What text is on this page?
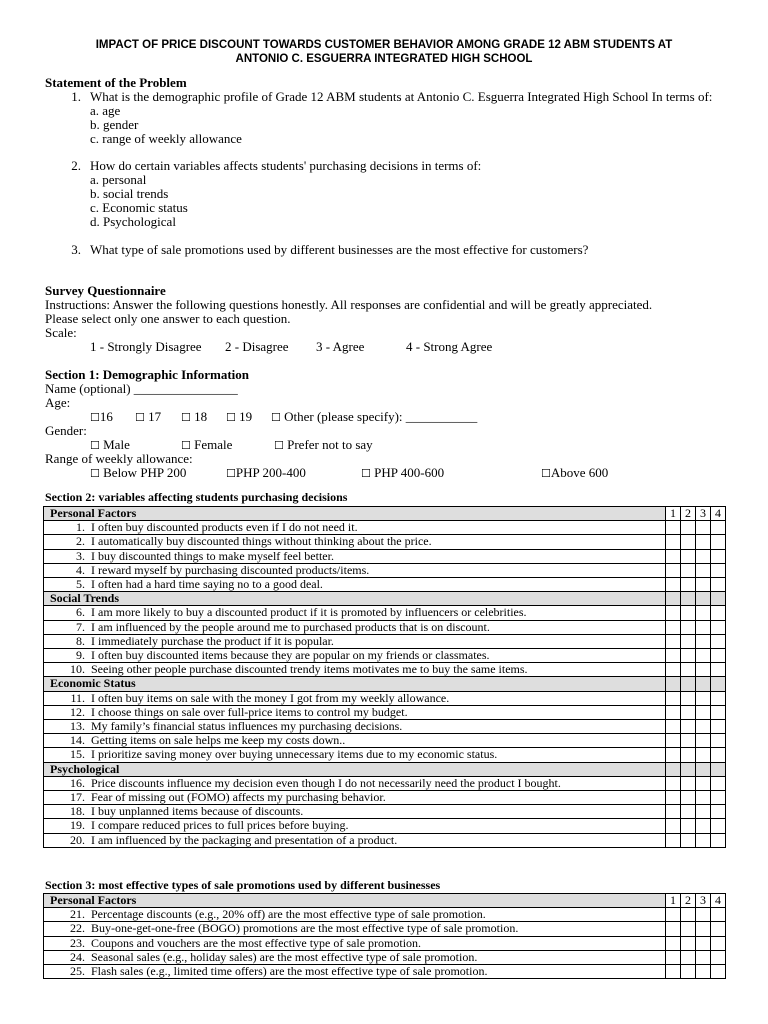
IMPACT OF PRICE DISCOUNT TOWARDS CUSTOMER BEHAVIOR AMONG GRADE 12 ABM STUDENTS AT
ANTONIO C. ESGUERRA INTEGRATED HIGH SCHOOL
Statement of the Problem
1. What is the demographic profile of Grade 12 ABM students at Antonio C. Esguerra Integrated High School In terms of:
a. age
b. gender
c. range of weekly allowance
2. How do certain variables affects students' purchasing decisions in terms of:
a. personal
b. social trends
c. Economic status
d. Psychological
3. What type of sale promotions used by different businesses are the most effective for customers?
Survey Questionnaire
Instructions: Answer the following questions honestly. All responses are confidential and will be greatly appreciated.
Please select only one answer to each question.
Scale:
1 - Strongly Disagree 2 - Disagree 3 - Agree	4 - Strong Agree
Section 1: Demographic Information
Name (optional) ________________
Age:
☐16 ☐ 17 ☐ 18 ☐ 19 ☐ Other (please specify): ___________
Gender:
☐ Male	☐ Female	☐ Prefer not to say
Range of weekly allowance:
☐ Below PHP 200	☐PHP 200-400	☐ PHP 400-600	☐Above 600
Section 2: variables affecting students purchasing decisions
Personal Factors	1	2	3	4

1. I often buy discounted products even if I do not need it.				

2. I automatically buy discounted things without thinking about the price.				

3. I buy discounted things to make myself feel better.				

4. I reward myself by purchasing discounted products/items.				

5. I often had a hard time saying no to a good deal.				

Social Trends				

6. I am more likely to buy a discounted product if it is promoted by influencers or celebrities.				

7. I am influenced by the people around me to purchased products that is on discount.				

8. I immediately purchase the product if it is popular.				

9. I often buy discounted items because they are popular on my friends or classmates.				

10. Seeing other people purchase discounted trendy items motivates me to buy the same items.				

Economic Status				

11. I often buy items on sale with the money I got from my weekly allowance.				

12. I choose things on sale over full-price items to control my budget.				

13. My family’s financial status influences my purchasing decisions.				

14. Getting items on sale helps me keep my costs down..				

15. I prioritize saving money over buying unnecessary items due to my economic status.				

Psychological				

16. Price discounts influence my decision even though I do not necessarily need the product I bought.				

17. Fear of missing out (FOMO) affects my purchasing behavior.				

18. I buy unplanned items because of discounts.				

19. I compare reduced prices to full prices before buying.				

20. I am influenced by the packaging and presentation of a product.				

Section 3: most effective types of sale promotions used by different businesses
Personal Factors	1	2	3	4

21. Percentage discounts (e.g., 20% off) are the most effective type of sale promotion.				

22. Buy-one-get-one-free (BOGO) promotions are the most effective type of sale promotion.				

23. Coupons and vouchers are the most effective type of sale promotion.				

24. Seasonal sales (e.g., holiday sales) are the most effective type of sale promotion.				

25. Flash sales (e.g., limited time offers) are the most effective type of sale promotion.				
